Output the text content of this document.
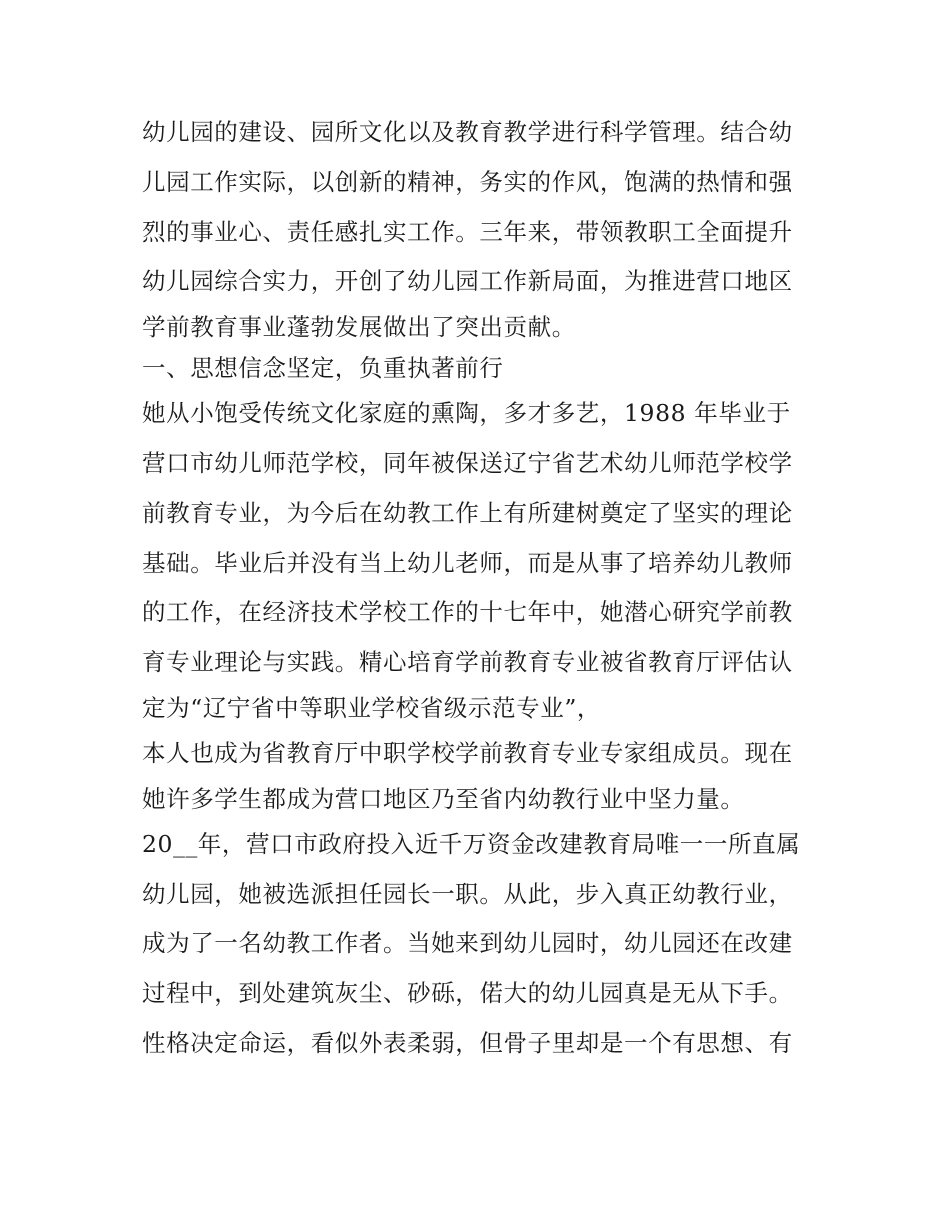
幼儿园的建设、园所文化以及教育教学进行科学管理。结合幼
儿园工作实际，以创新的精神，务实的作风，饱满的热情和强
烈的事业心、责任感扎实工作。三年来，带领教职工全面提升
幼儿园综合实力，开创了幼儿园工作新局面，为推进营口地区
学前教育事业蓬勃发展做出了突出贡献。
一、思想信念坚定，负重执著前行
她从小饱受传统文化家庭的熏陶，多才多艺，1988 年毕业于
营口市幼儿师范学校，同年被保送辽宁省艺术幼儿师范学校学
前教育专业，为今后在幼教工作上有所建树奠定了坚实的理论
基础。毕业后并没有当上幼儿老师，而是从事了培养幼儿教师
的工作，在经济技术学校工作的十七年中，她潜心研究学前教
育专业理论与实践。精心培育学前教育专业被省教育厅评估认
定为“辽宁省中等职业学校省级示范专业”，
本人也成为省教育厅中职学校学前教育专业专家组成员。现在
她许多学生都成为营口地区乃至省内幼教行业中坚力量。
20__年，营口市政府投入近千万资金改建教育局唯一一所直属
幼儿园，她被选派担任园长一职。从此，步入真正幼教行业，
成为了一名幼教工作者。当她来到幼儿园时，幼儿园还在改建
过程中，到处建筑灰尘、砂砾，偌大的幼儿园真是无从下手。
性格决定命运，看似外表柔弱，但骨子里却是一个有思想、有
